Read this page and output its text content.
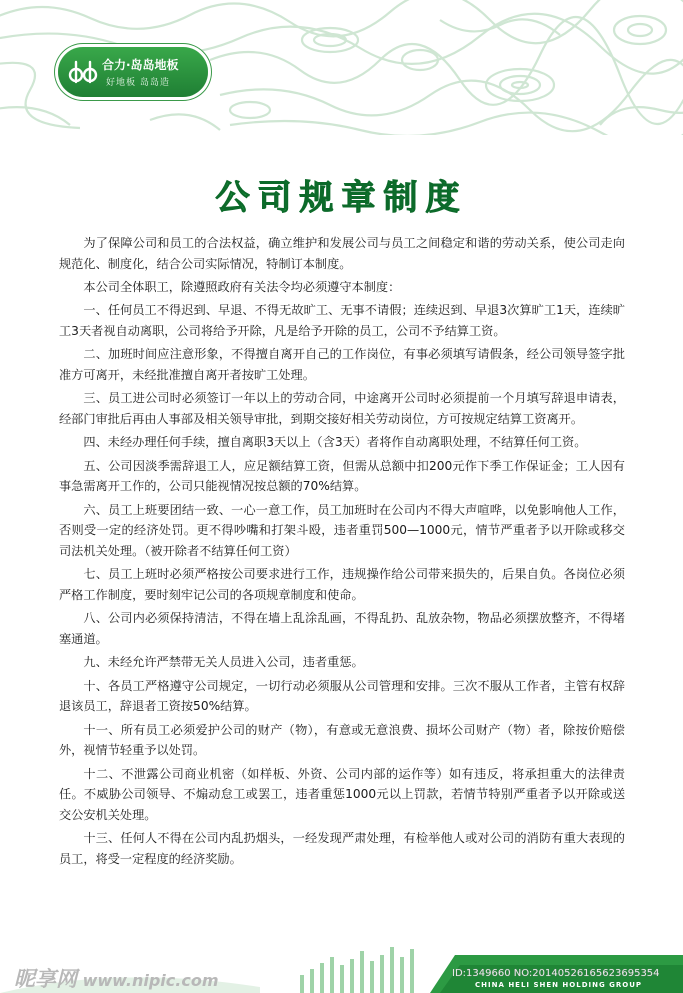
合力·岛岛地板
好地板 岛岛造
公司规章制度

为了保障公司和员工的合法权益，确立维护和发展公司与员工之间稳定和谐的劳动关系，使公司走向规范化、制度化，结合公司实际情况，特制订本制度。

本公司全体职工，除遵照政府有关法令均必须遵守本制度：

一、任何员工不得迟到、早退、不得无故旷工、无事不请假；连续迟到、早退3次算旷工1天，连续旷工3天者视自动离职，公司将给予开除，凡是给予开除的员工，公司不予结算工资。

二、加班时间应注意形象，不得擅自离开自己的工作岗位，有事必须填写请假条，经公司领导签字批准方可离开，未经批准擅自离开者按旷工处理。

三、员工进公司时必须签订一年以上的劳动合同，中途离开公司时必须提前一个月填写辞退申请表，经部门审批后再由人事部及相关领导审批，到期交接好相关劳动岗位，方可按规定结算工资离开。

四、未经办理任何手续，擅自离职3天以上（含3天）者将作自动离职处理，不结算任何工资。

五、公司因淡季需辞退工人，应足额结算工资，但需从总额中扣200元作下季工作保证金；工人因有事急需离开工作的，公司只能视情况按总额的70%结算。

六、员工上班要团结一致、一心一意工作，员工加班时在公司内不得大声喧哗，以免影响他人工作，否则受一定的经济处罚。更不得吵嘴和打架斗殴，违者重罚500—1000元，情节严重者予以开除或移交司法机关处理。（被开除者不结算任何工资）

七、员工上班时必须严格按公司要求进行工作，违规操作给公司带来损失的，后果自负。各岗位必须严格工作制度，要时刻牢记公司的各项规章制度和使命。

八、公司内必须保持清洁，不得在墙上乱涂乱画，不得乱扔、乱放杂物，物品必须摆放整齐，不得堵塞通道。

九、未经允许严禁带无关人员进入公司，违者重惩。

十、各员工严格遵守公司规定，一切行动必须服从公司管理和安排。三次不服从工作者，主管有权辞退该员工，辞退者工资按50%结算。

十一、所有员工必须爱护公司的财产（物），有意或无意浪费、损坏公司财产（物）者，除按价赔偿外，视情节轻重予以处罚。

十二、不泄露公司商业机密（如样板、外资、公司内部的运作等）如有违反，将承担重大的法律责任。不威胁公司领导、不煽动怠工或罢工，违者重惩1000元以上罚款，若情节特别严重者予以开除或送交公安机关处理。

十三、任何人不得在公司内乱扔烟头，一经发现严肃处理，有检举他人或对公司的消防有重大表现的员工，将受一定程度的经济奖励。

昵享网 www.nipic.com	ID:1349660 NO:20140526165623695354
CHINA HELI SHEN HOLDING GROUP
